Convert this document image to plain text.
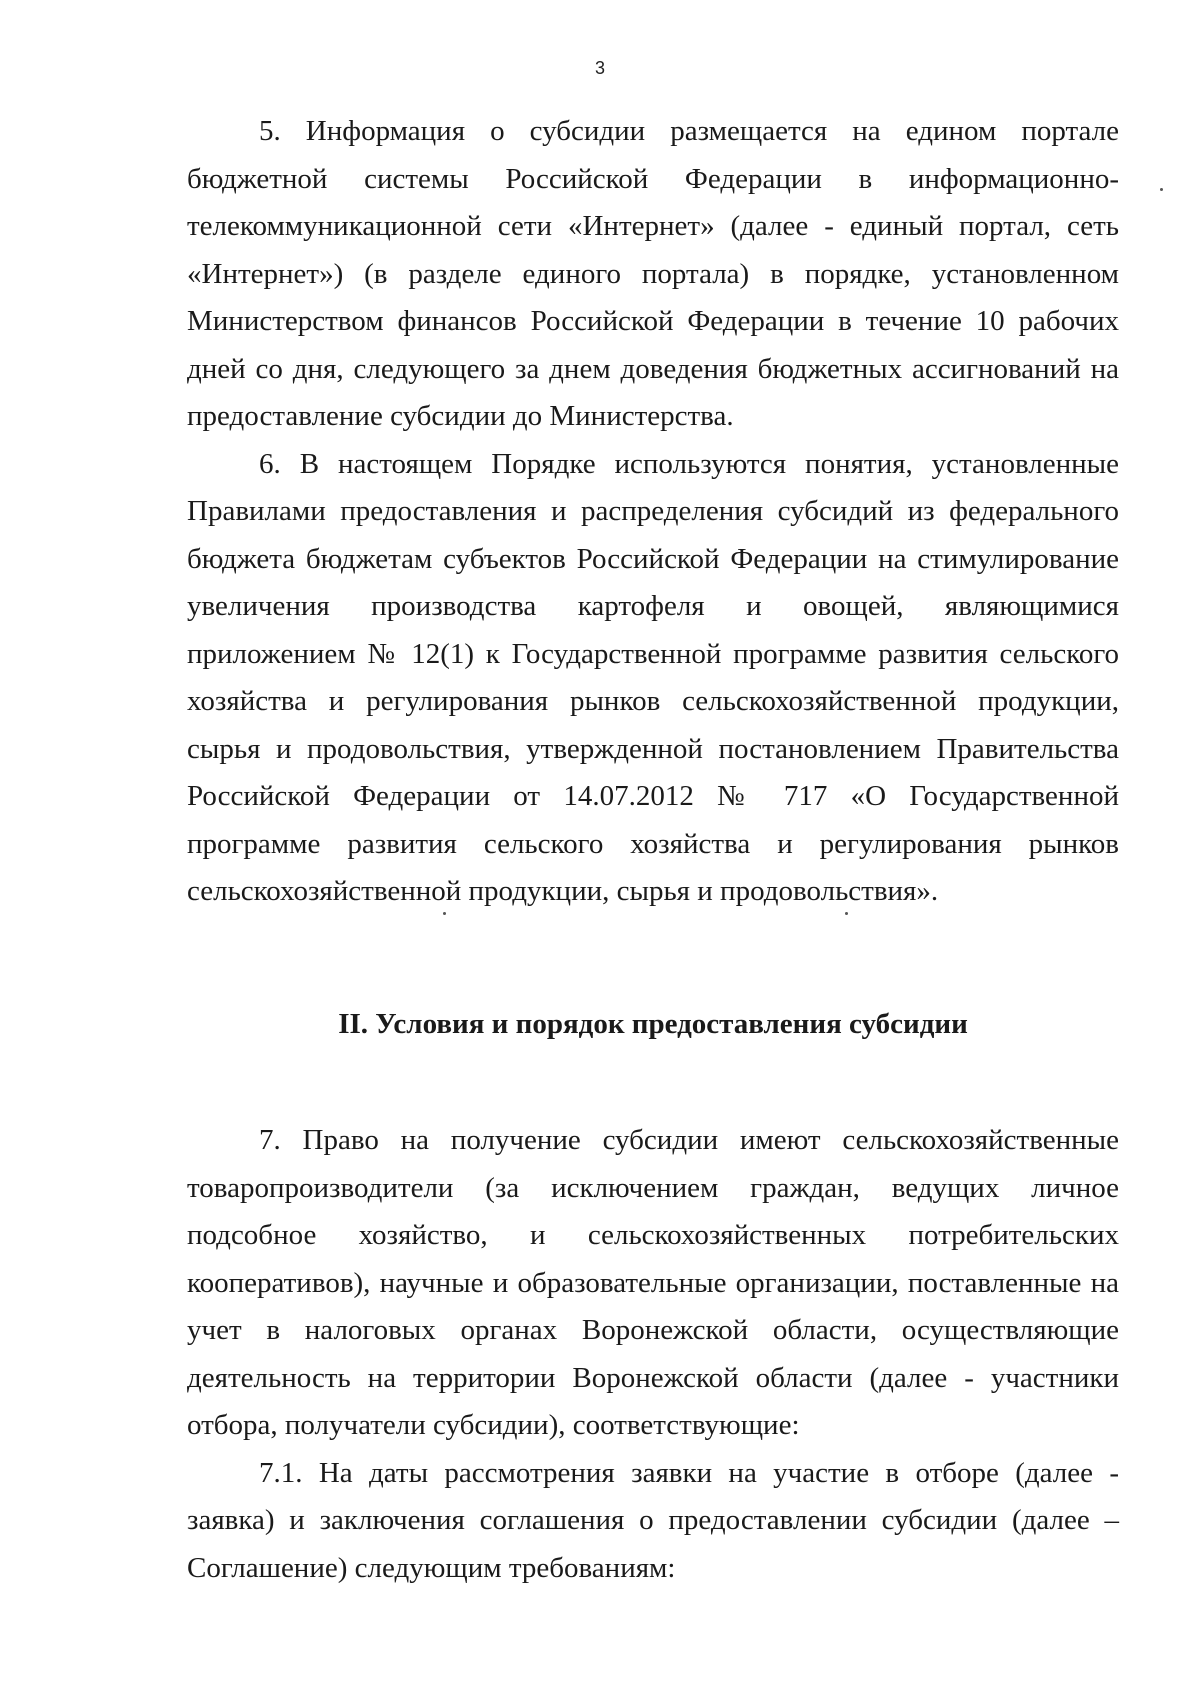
3

5. Информация о субсидии размещается на едином портале бюджетной системы Российской Федерации в информационно-телекоммуникационной сети «Интернет» (далее - единый портал, сеть «Интернет») (в разделе единого портала) в порядке, установленном Министерством финансов Российской Федерации в течение 10 рабочих дней со дня, следующего за днем доведения бюджетных ассигнований на предоставление субсидии до Министерства.

6. В настоящем Порядке используются понятия, установленные Правилами предоставления и распределения субсидий из федерального бюджета бюджетам субъектов Российской Федерации на стимулирование увеличения производства картофеля и овощей, являющимися приложением № 12(1) к Государственной программе развития сельского хозяйства и регулирования рынков сельскохозяйственной продукции, сырья и продовольствия, утвержденной постановлением Правительства Российской Федерации от 14.07.2012 № 717 «О Государственной программе развития сельского хозяйства и регулирования рынков сельскохозяйственной продукции, сырья и продовольствия».

II. Условия и порядок предоставления субсидии

7. Право на получение субсидии имеют сельскохозяйственные товаропроизводители (за исключением граждан, ведущих личное подсобное хозяйство, и сельскохозяйственных потребительских кооперативов), научные и образовательные организации, поставленные на учет в налоговых органах Воронежской области, осуществляющие деятельность на территории Воронежской области (далее - участники отбора, получатели субсидии), соответствующие:

7.1. На даты рассмотрения заявки на участие в отборе (далее - заявка) и заключения соглашения о предоставлении субсидии (далее – Соглашение) следующим требованиям:
